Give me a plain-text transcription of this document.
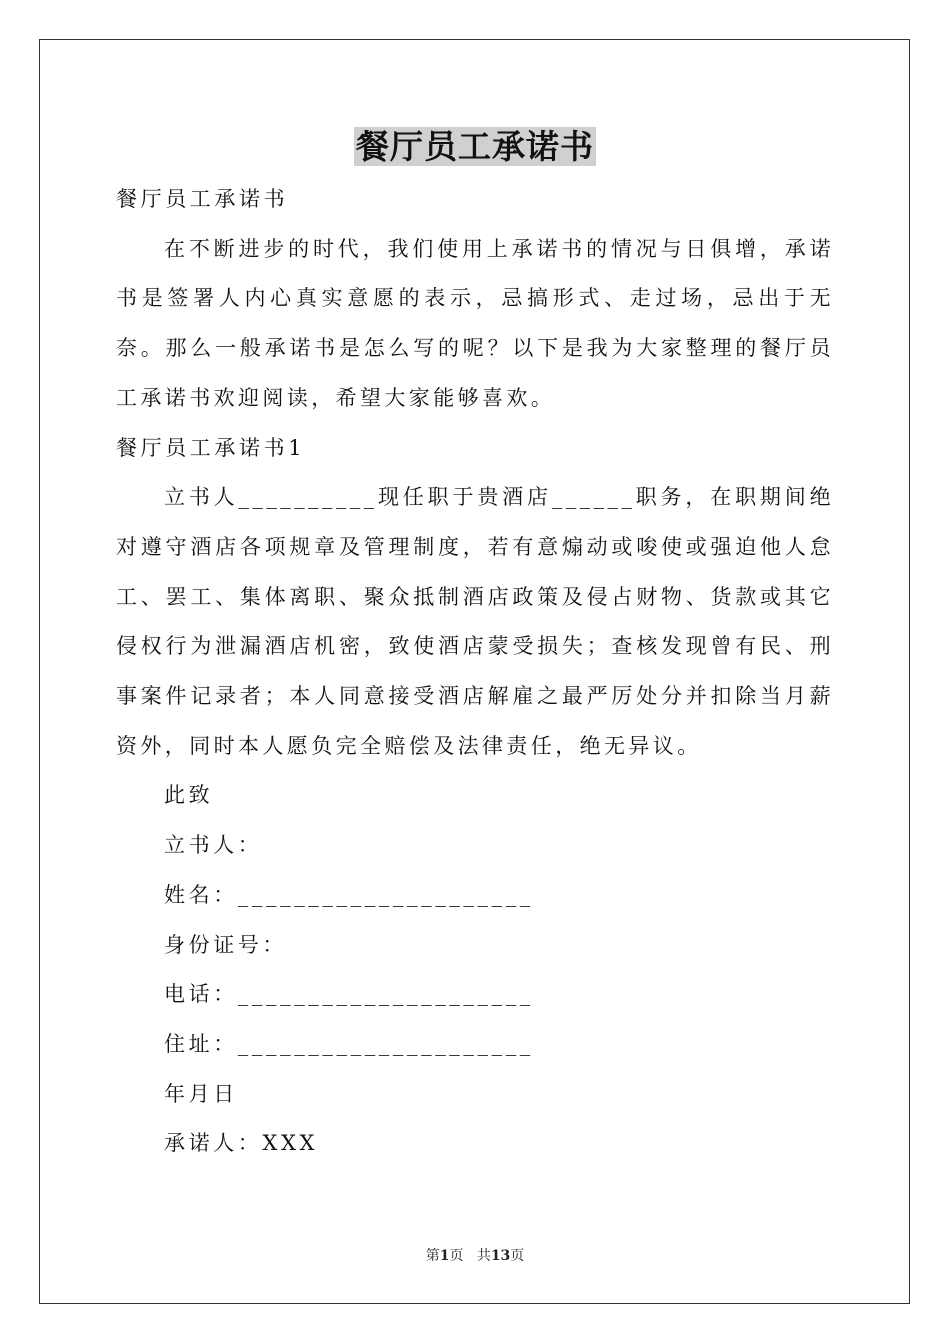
餐厅员工承诺书
餐厅员工承诺书
在不断进步的时代，我们使用上承诺书的情况与日俱增，承诺书是签署人内心真实意愿的表示，忌搞形式、走过场，忌出于无奈。那么一般承诺书是怎么写的呢？以下是我为大家整理的餐厅员工承诺书欢迎阅读，希望大家能够喜欢。
餐厅员工承诺书1
立书人__________现任职于贵酒店______职务，在职期间绝对遵守酒店各项规章及管理制度，若有意煽动或唆使或强迫他人怠工、罢工、集体离职、聚众抵制酒店政策及侵占财物、货款或其它侵权行为泄漏酒店机密，致使酒店蒙受损失；查核发现曾有民、刑事案件记录者；本人同意接受酒店解雇之最严厉处分并扣除当月薪资外，同时本人愿负完全赔偿及法律责任，绝无异议。
此致
立书人：
姓名：_____________________
身份证号：
电话：_____________________
住址：_____________________
年月日
承诺人：XXX
第1页 共13页
